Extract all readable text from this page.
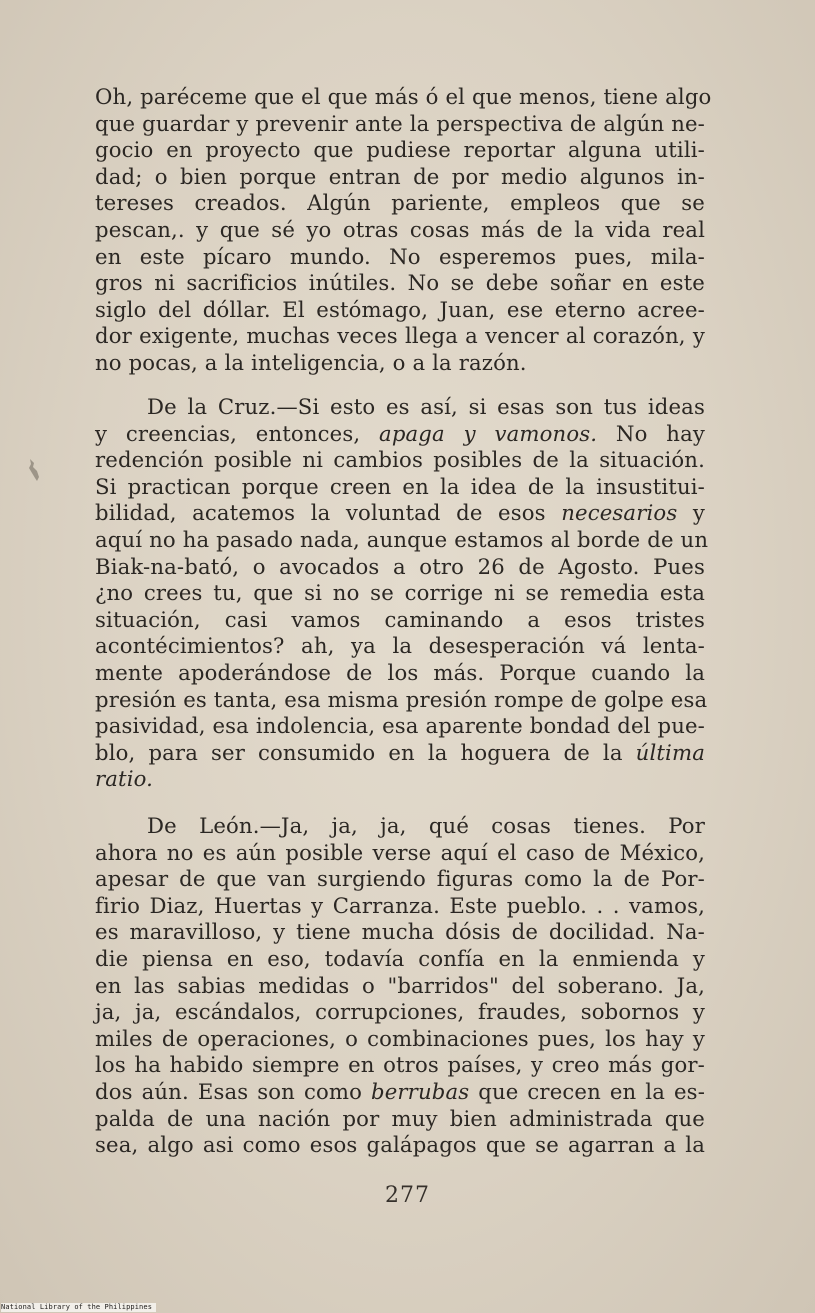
Oh, paréceme que el que más ó el que menos, tiene algo
que guardar y prevenir ante la perspectiva de algún ne-
gocio en proyecto que pudiese reportar alguna utili-
dad; o bien porque entran de por medio algunos in-
tereses creados. Algún pariente, empleos que se
pescan,. y que sé yo otras cosas más de la vida real
en este pícaro mundo. No esperemos pues, mila-
gros ni sacrificios inútiles. No se debe soñar en este
siglo del dóllar. El estómago, Juan, ese eterno acree-
dor exigente, muchas veces llega a vencer al corazón, y
no pocas, a la inteligencia, o a la razón.
De la Cruz.—Si esto es así, si esas son tus ideas
y creencias, entonces, apaga y vamonos. No hay
redención posible ni cambios posibles de la situación.
Si practican porque creen en la idea de la insustitui-
bilidad, acatemos la voluntad de esos necesarios y
aquí no ha pasado nada, aunque estamos al borde de un
Biak-na-bató, o avocados a otro 26 de Agosto. Pues
¿no crees tu, que si no se corrige ni se remedia esta
situación, casi vamos caminando a esos tristes
acontécimientos? ah, ya la desesperación vá lenta-
mente apoderándose de los más. Porque cuando la
presión es tanta, esa misma presión rompe de golpe esa
pasividad, esa indolencia, esa aparente bondad del pue-
blo, para ser consumido en la hoguera de la última
ratio.
De León.—Ja, ja, ja, qué cosas tienes. Por
ahora no es aún posible verse aquí el caso de México,
apesar de que van surgiendo figuras como la de Por-
firio Diaz, Huertas y Carranza. Este pueblo. . . vamos,
es maravilloso, y tiene mucha dósis de docilidad. Na-
die piensa en eso, todavía confía en la enmienda y
en las sabias medidas o "barridos" del soberano. Ja,
ja, ja, escándalos, corrupciones, fraudes, sobornos y
miles de operaciones, o combinaciones pues, los hay y
los ha habido siempre en otros países, y creo más gor-
dos aún. Esas son como berrubas que crecen en la es-
palda de una nación por muy bien administrada que
sea, algo asi como esos galápagos que se agarran a la
277
National Library of the Philippines
